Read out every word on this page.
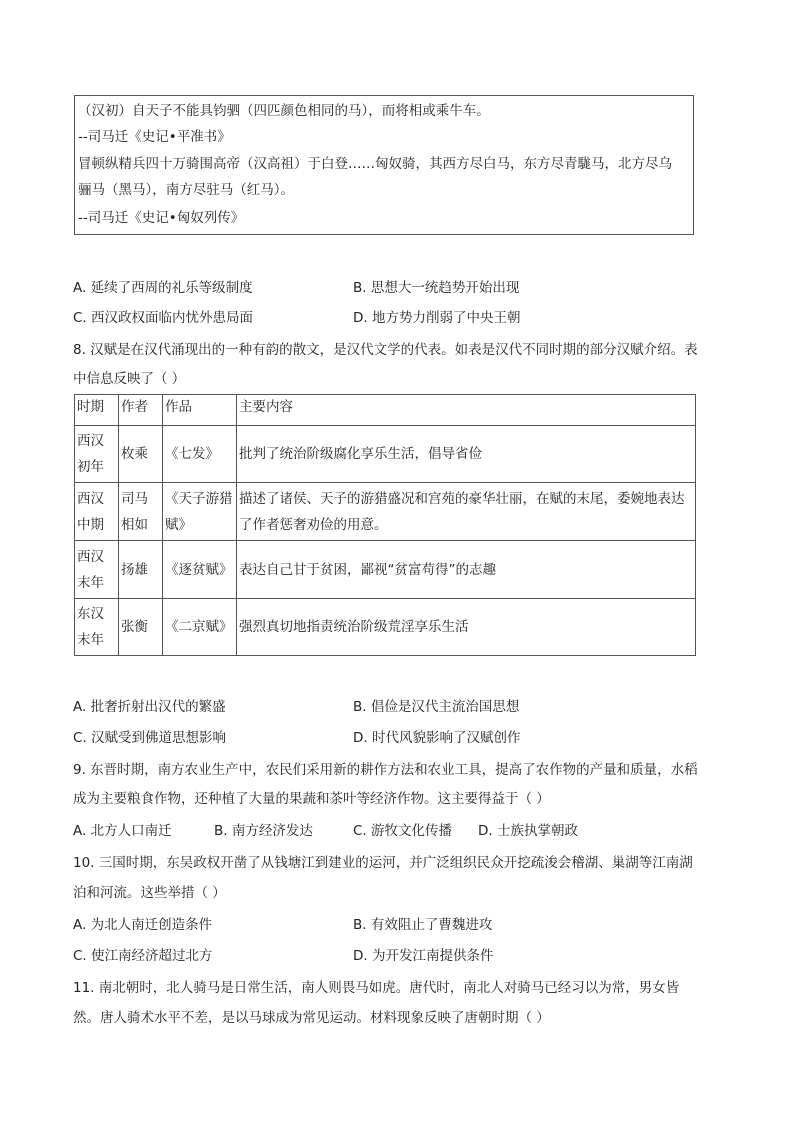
（汉初）自天子不能具钧驷（四匹颜色相同的马），而将相或乘牛车。
--司马迁《史记•平准书》
冒顿纵精兵四十万骑围高帝（汉高祖）于白登……匈奴骑，其西方尽白马，东方尽青駹马，北方尽乌
骊马（黑马），南方尽驻马（红马）。
--司马迁《史记•匈奴列传》
A. 延续了西周的礼乐等级制度	B. 思想大一统趋势开始出现
C. 西汉政权面临内忧外患局面	D. 地方势力削弱了中央王朝
8. 汉赋是在汉代涌现出的一种有韵的散文，是汉代文学的代表。如表是汉代不同时期的部分汉赋介绍。表
中信息反映了（ ）
时期	作者	作品	主要内容
西汉初年	枚乘	《七发》	批判了统治阶级腐化享乐生活，倡导省俭
西汉中期	司马相如	《天子游猎赋》	描述了诸侯、天子的游猎盛况和宫苑的豪华壮丽，在赋的末尾，委婉地表达了作者惩奢劝俭的用意。
西汉末年	扬雄	《逐贫赋》	表达自己甘于贫困，鄙视“贫富苟得”的志趣
东汉末年	张衡	《二京赋》	强烈真切地指责统治阶级荒淫享乐生活
A. 批奢折射出汉代的繁盛	B. 倡俭是汉代主流治国思想
C. 汉赋受到佛道思想影响	D. 时代风貌影响了汉赋创作
9. 东晋时期，南方农业生产中，农民们采用新的耕作方法和农业工具，提高了农作物的产量和质量，水稻
成为主要粮食作物，还种植了大量的果蔬和茶叶等经济作物。这主要得益于（ ）
A. 北方人口南迁	B. 南方经济发达	C. 游牧文化传播 D. 士族执掌朝政
10. 三国时期，东吴政权开凿了从钱塘江到建业的运河，并广泛组织民众开挖疏浚会稽湖、巢湖等江南湖
泊和河流。这些举措（ ）
A. 为北人南迁创造条件	B. 有效阻止了曹魏进攻
C. 使江南经济超过北方	D. 为开发江南提供条件
11. 南北朝时，北人骑马是日常生活，南人则畏马如虎。唐代时，南北人对骑马已经习以为常，男女皆
然。唐人骑术水平不差，是以马球成为常见运动。材料现象反映了唐朝时期（ ）
